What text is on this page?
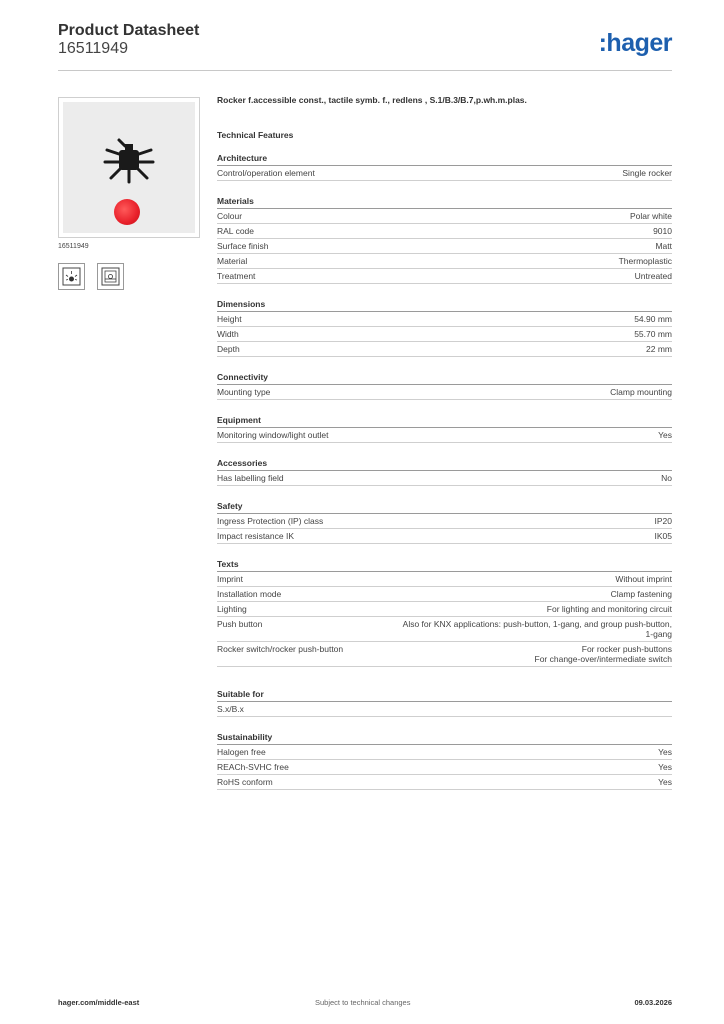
Product Datasheet
16511949	:hager
16511949
Rocker f.accessible const., tactile symb. f., redlens , S.1/B.3/B.7,p.wh.m.plas.
Technical Features
Architecture
Control/operation element	Single rocker
Materials
Colour	Polar white
RAL code	9010
Surface finish	Matt
Material	Thermoplastic
Treatment	Untreated
Dimensions
Height	54.90 mm
Width	55.70 mm
Depth	22 mm
Connectivity
Mounting type	Clamp mounting
Equipment
Monitoring window/light outlet	Yes
Accessories
Has labelling field	No
Safety
Ingress Protection (IP) class	IP20
Impact resistance IK	IK05
Texts
Imprint	Without imprint
Installation mode	Clamp fastening
Lighting	For lighting and monitoring circuit
Push button	Also for KNX applications: push-button, 1-gang, and group push-button,
1-gang
Rocker switch/rocker push-button	For rocker push-buttons
For change-over/intermediate switch
Suitable for
S.x/B.x
Sustainability
Halogen free	Yes
REACh-SVHC free	Yes
RoHS conform	Yes
hager.com/middle-east	Subject to technical changes	09.03.2026
